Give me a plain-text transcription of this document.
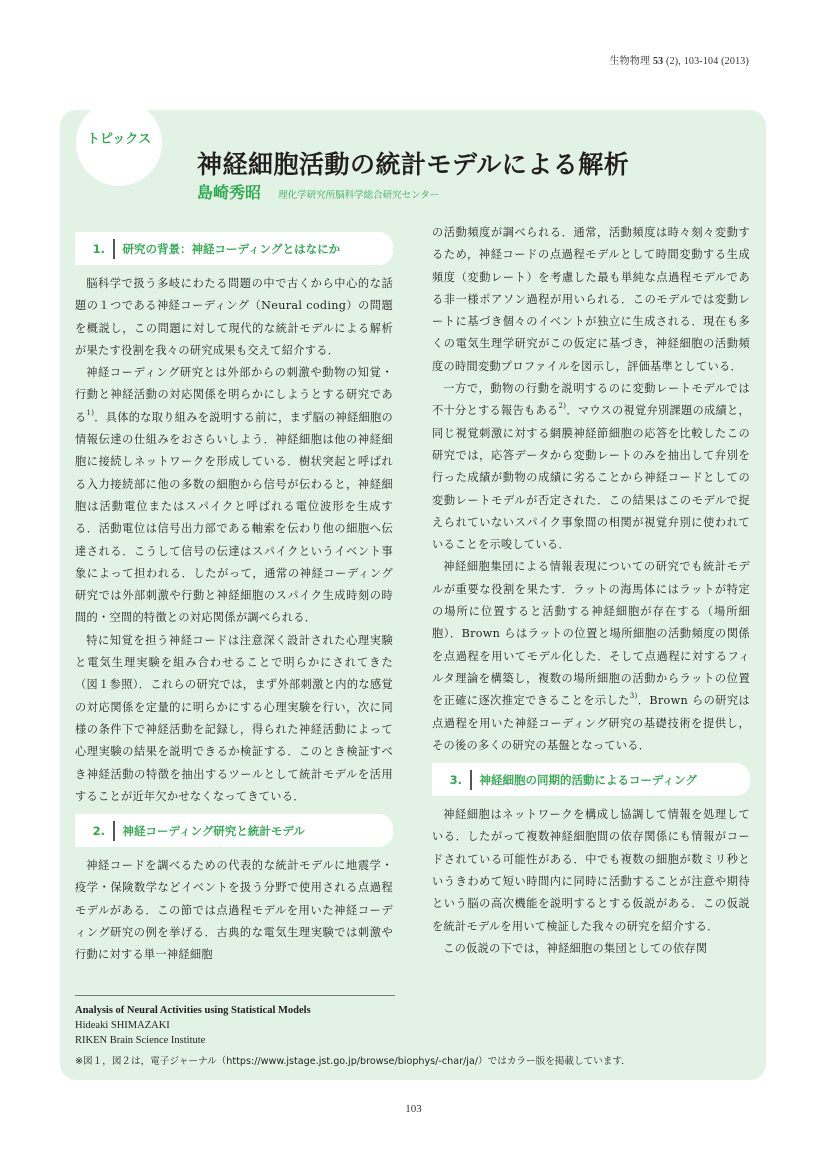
生物物理 53 (2), 103-104 (2013)
トピックス
神経細胞活動の統計モデルによる解析
島崎秀昭 理化学研究所脳科学総合研究センター
1.	研究の背景：神経コーディングとはなにか

脳科学で扱う多岐にわたる問題の中で古くから中心的な話題の１つである神経コーディング（Neural coding）の問題を概説し，この問題に対して現代的な統計モデルによる解析が果たす役割を我々の研究成果も交えて紹介する．

神経コーディング研究とは外部からの刺激や動物の知覚・行動と神経活動の対応関係を明らかにしようとする研究である$^{1)}$．具体的な取り組みを説明する前に，まず脳の神経細胞の情報伝達の仕組みをおさらいしよう．神経細胞は他の神経細胞に接続しネットワークを形成している．樹状突起と呼ばれる入力接続部に他の多数の細胞から信号が伝わると，神経細胞は活動電位またはスパイクと呼ばれる電位波形を生成する．活動電位は信号出力部である軸索を伝わり他の細胞へ伝達される．こうして信号の伝達はスパイクというイベント事象によって担われる．したがって，通常の神経コーディング研究では外部刺激や行動と神経細胞のスパイク生成時刻の時間的・空間的特徴との対応関係が調べられる．

特に知覚を担う神経コードは注意深く設計された心理実験と電気生理実験を組み合わせることで明らかにされてきた（図１参照）．これらの研究では，まず外部刺激と内的な感覚の対応関係を定量的に明らかにする心理実験を行い，次に同様の条件下で神経活動を記録し，得られた神経活動によって心理実験の結果を説明できるか検証する．このとき検証すべき神経活動の特徴を抽出するツールとして統計モデルを活用することが近年欠かせなくなってきている．

2.	神経コーディング研究と統計モデル

神経コードを調べるための代表的な統計モデルに地震学・疫学・保険数学などイベントを扱う分野で使用される点過程モデルがある．この節では点過程モデルを用いた神経コーディング研究の例を挙げる．古典的な電気生理実験では刺激や行動に対する単一神経細胞

の活動頻度が調べられる．通常，活動頻度は時々刻々変動するため，神経コードの点過程モデルとして時間変動する生成頻度（変動レート）を考慮した最も単純な点過程モデルである非一様ポアソン過程が用いられる．このモデルでは変動レートに基づき個々のイベントが独立に生成される．現在も多くの電気生理学研究がこの仮定に基づき，神経細胞の活動頻度の時間変動プロファイルを図示し，評価基準としている．

一方で，動物の行動を説明するのに変動レートモデルでは不十分とする報告もある$^{2)}$．マウスの視覚弁別課題の成績と，同じ視覚刺激に対する網膜神経節細胞の応答を比較したこの研究では，応答データから変動レートのみを抽出して弁別を行った成績が動物の成績に劣ることから神経コードとしての変動レートモデルが否定された．この結果はこのモデルで捉えられていないスパイク事象間の相関が視覚弁別に使われていることを示唆している．

神経細胞集団による情報表現についての研究でも統計モデルが重要な役割を果たす．ラットの海馬体にはラットが特定の場所に位置すると活動する神経細胞が存在する（場所細胞）．Brown らはラットの位置と場所細胞の活動頻度の関係を点過程を用いてモデル化した．そして点過程に対するフィルタ理論を構築し，複数の場所細胞の活動からラットの位置を正確に逐次推定できることを示した$^{3)}$．Brown らの研究は点過程を用いた神経コーディング研究の基礎技術を提供し，その後の多くの研究の基盤となっている．

3.	神経細胞の同期的活動によるコーディング

神経細胞はネットワークを構成し協調して情報を処理している．したがって複数神経細胞間の依存関係にも情報がコードされている可能性がある．中でも複数の細胞が数ミリ秒というきわめて短い時間内に同時に活動することが注意や期待という脳の高次機能を説明するとする仮説がある．この仮説を統計モデルを用いて検証した我々の研究を紹介する．

この仮説の下では，神経細胞の集団としての依存関

Analysis of Neural Activities using Statistical Models
Hideaki SHIMAZAKI
RIKEN Brain Science Institute
※図１，図２は，電子ジャーナル（https://www.jstage.jst.go.jp/browse/biophys/-char/ja/）ではカラー版を掲載しています．
103
